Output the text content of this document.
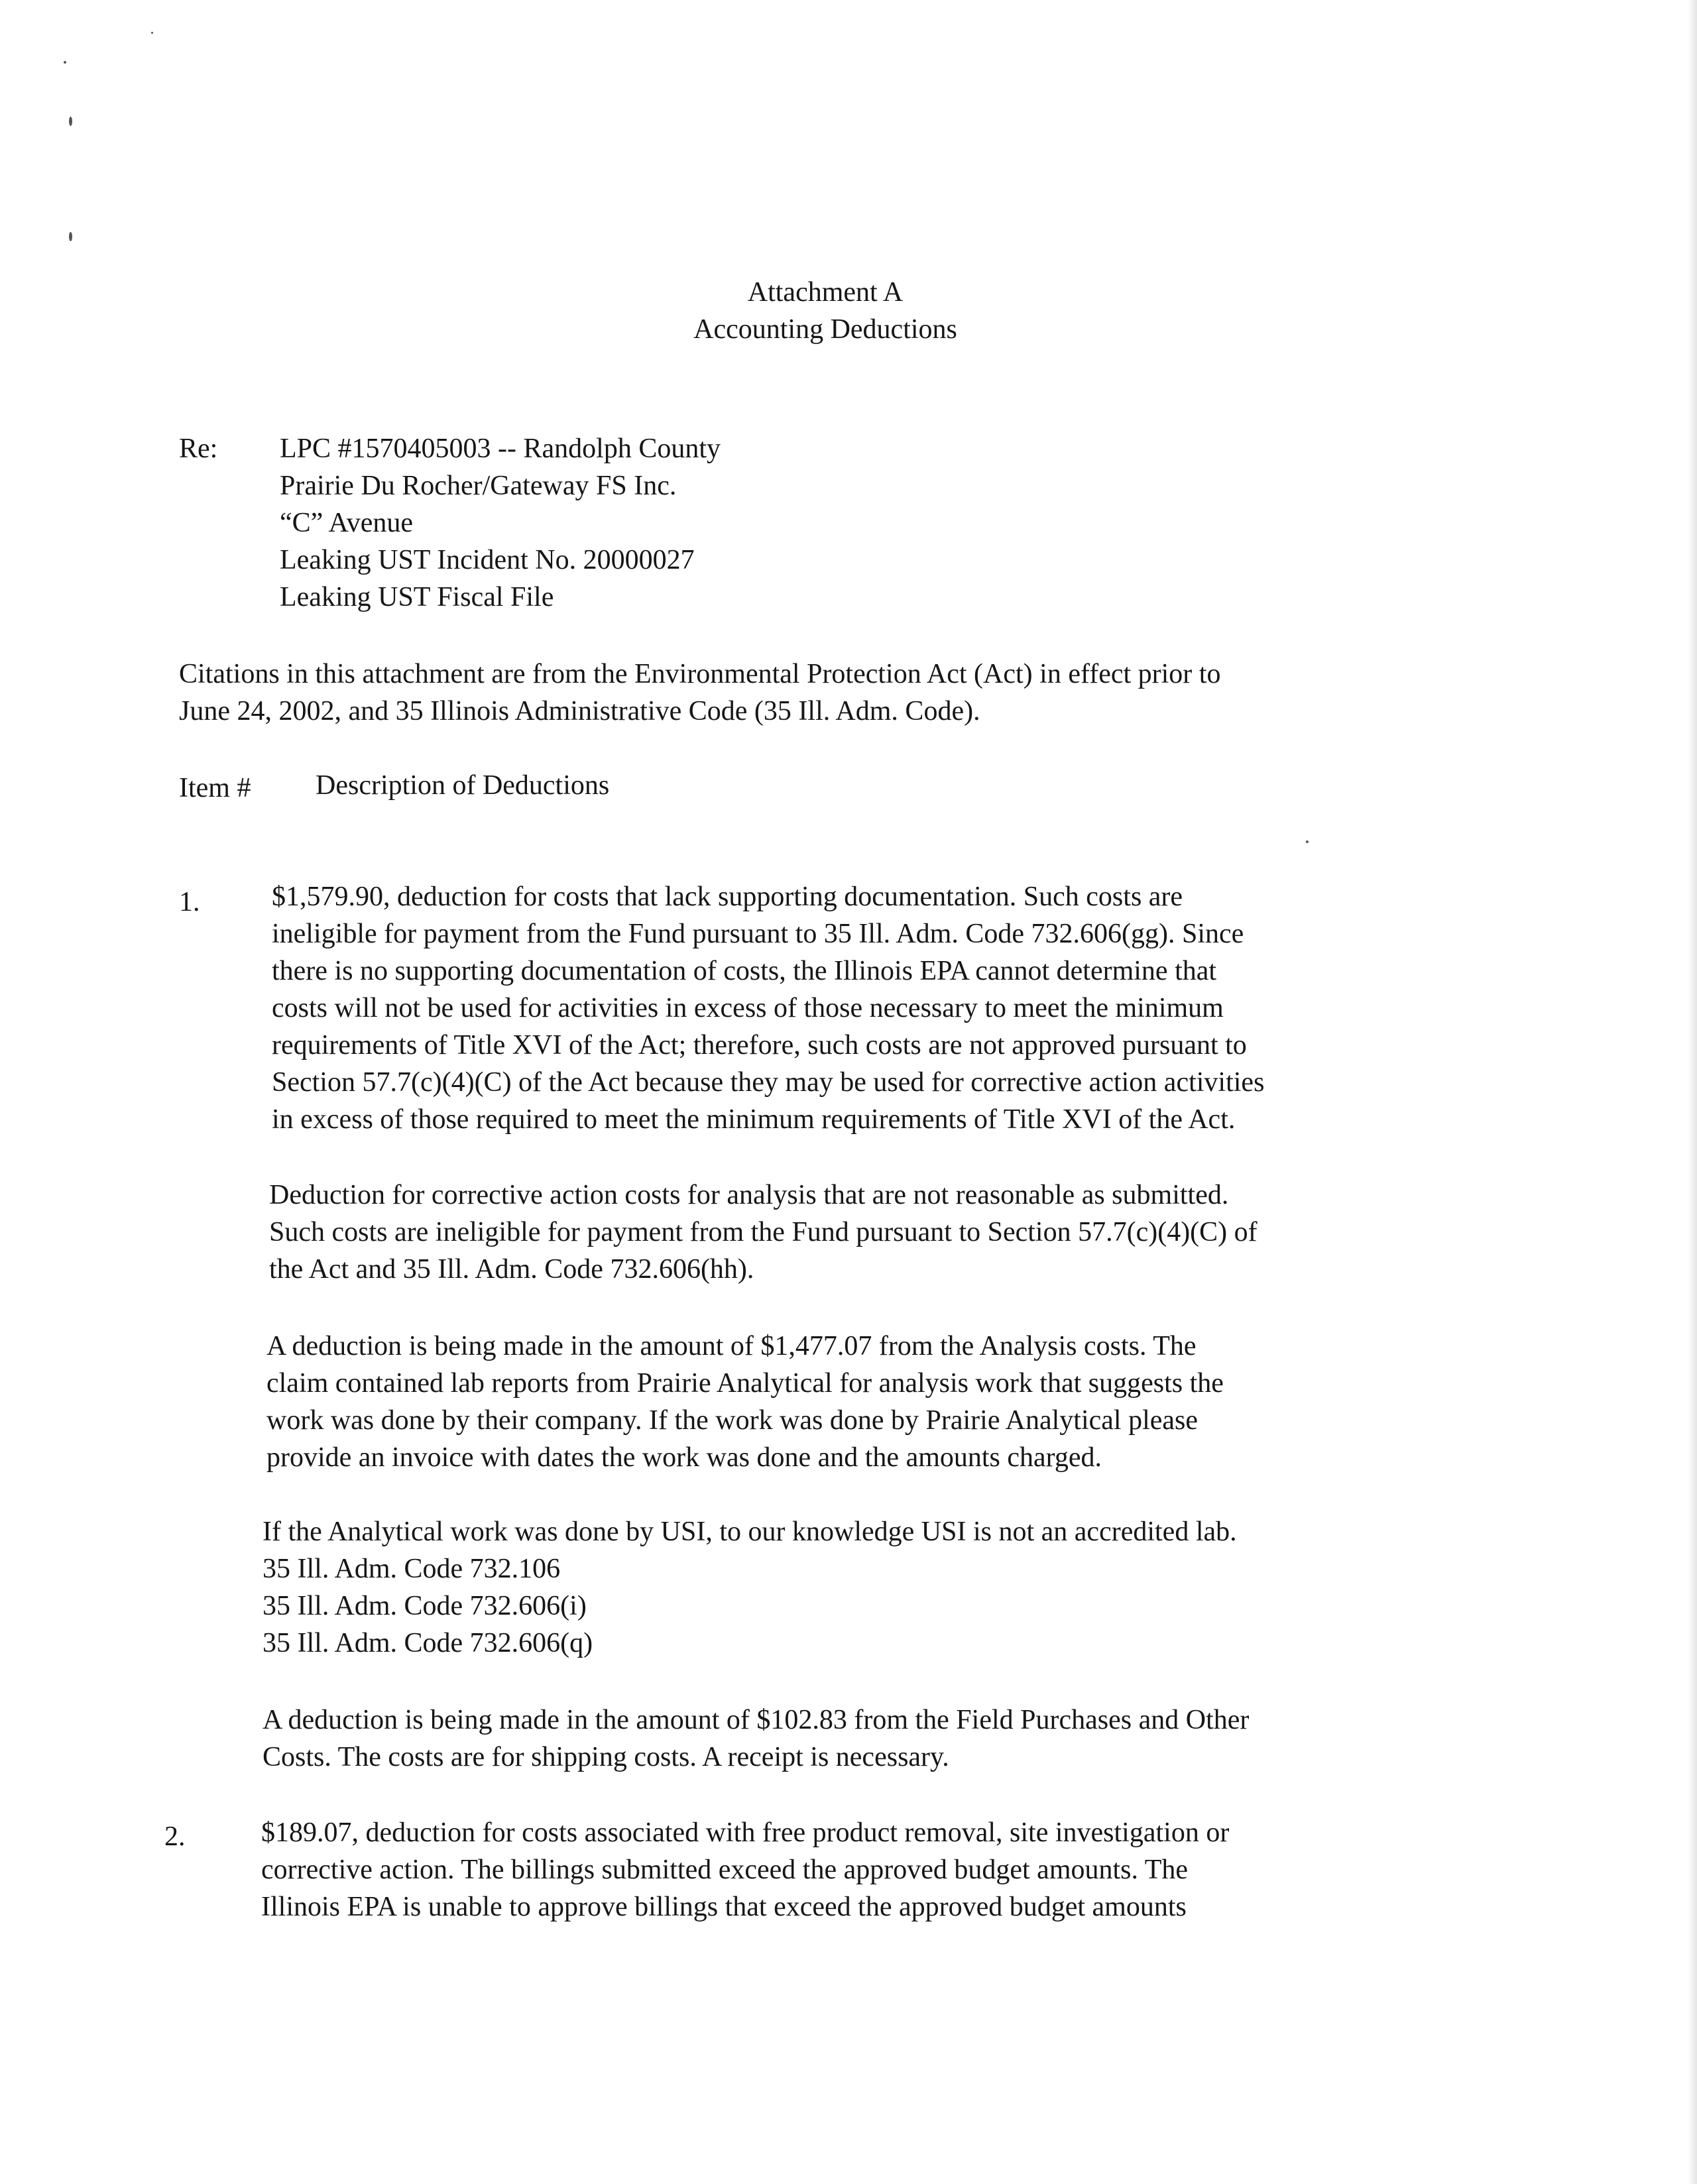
Attachment A
Accounting Deductions
Re: LPC #1570405003 -- Randolph County
Prairie Du Rocher/Gateway FS Inc.
“C” Avenue
Leaking UST Incident No. 20000027
Leaking UST Fiscal File
Citations in this attachment are from the Environmental Protection Act (Act) in effect prior to
June 24, 2002, and 35 Illinois Administrative Code (35 Ill. Adm. Code).
Item # Description of Deductions
1.	$1,579.90, deduction for costs that lack supporting documentation. Such costs are
ineligible for payment from the Fund pursuant to 35 Ill. Adm. Code 732.606(gg). Since
there is no supporting documentation of costs, the Illinois EPA cannot determine that
costs will not be used for activities in excess of those necessary to meet the minimum
requirements of Title XVI of the Act; therefore, such costs are not approved pursuant to
Section 57.7(c)(4)(C) of the Act because they may be used for corrective action activities
in excess of those required to meet the minimum requirements of Title XVI of the Act.
Deduction for corrective action costs for analysis that are not reasonable as submitted.
Such costs are ineligible for payment from the Fund pursuant to Section 57.7(c)(4)(C) of
the Act and 35 Ill. Adm. Code 732.606(hh).
A deduction is being made in the amount of $1,477.07 from the Analysis costs. The
claim contained lab reports from Prairie Analytical for analysis work that suggests the
work was done by their company. If the work was done by Prairie Analytical please
provide an invoice with dates the work was done and the amounts charged.
If the Analytical work was done by USI, to our knowledge USI is not an accredited lab.
35 Ill. Adm. Code 732.106
35 Ill. Adm. Code 732.606(i)
35 Ill. Adm. Code 732.606(q)
A deduction is being made in the amount of $102.83 from the Field Purchases and Other
Costs. The costs are for shipping costs. A receipt is necessary.
2.	$189.07, deduction for costs associated with free product removal, site investigation or
corrective action. The billings submitted exceed the approved budget amounts. The
Illinois EPA is unable to approve billings that exceed the approved budget amounts
